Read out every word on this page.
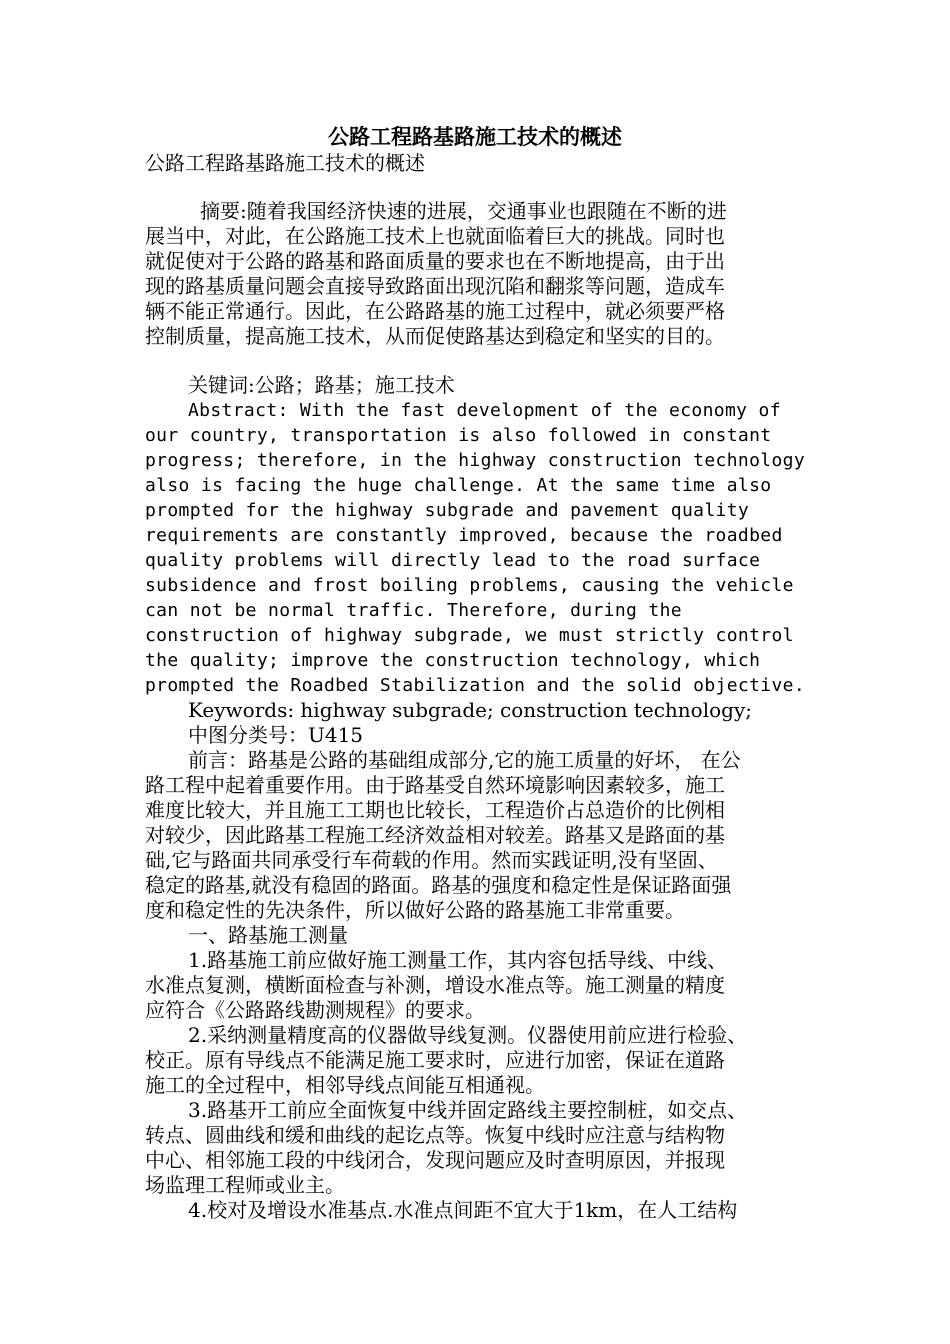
公路工程路基路施工技术的概述
公路工程路基路施工技术的概述
摘要:随着我国经济快速的进展，交通事业也跟随在不断的进
展当中，对此，在公路施工技术上也就面临着巨大的挑战。同时也
就促使对于公路的路基和路面质量的要求也在不断地提高，由于出
现的路基质量问题会直接导致路面出现沉陷和翻浆等问题，造成车
辆不能正常通行。因此，在公路路基的施工过程中，就必须要严格
控制质量，提高施工技术，从而促使路基达到稳定和坚实的目的。
关键词:公路；路基；施工技术
Abstract: With the fast development of the economy of
our country, transportation is also followed in constant
progress; therefore, in the highway construction technology
also is facing the huge challenge. At the same time also
prompted for the highway subgrade and pavement quality
requirements are constantly improved, because the roadbed
quality problems will directly lead to the road surface
subsidence and frost boiling problems, causing the vehicle
can not be normal traffic. Therefore, during the
construction of highway subgrade, we must strictly control
the quality; improve the construction technology, which
prompted the Roadbed Stabilization and the solid objective.
Keywords: highway subgrade; construction technology;
中图分类号：U415
前言：路基是公路的基础组成部分,它的施工质量的好坏， 在公
路工程中起着重要作用。由于路基受自然环境影响因素较多，施工
难度比较大，并且施工工期也比较长，工程造价占总造价的比例相
对较少，因此路基工程施工经济效益相对较差。路基又是路面的基
础,它与路面共同承受行车荷载的作用。然而实践证明,没有坚固、
稳定的路基,就没有稳固的路面。路基的强度和稳定性是保证路面强
度和稳定性的先决条件，所以做好公路的路基施工非常重要。
一、路基施工测量
1.路基施工前应做好施工测量工作，其内容包括导线、中线、
水准点复测，横断面检查与补测，增设水准点等。施工测量的精度
应符合《公路路线勘测规程》的要求。
2.采纳测量精度高的仪器做导线复测。仪器使用前应进行检验、
校正。原有导线点不能满足施工要求时，应进行加密，保证在道路
施工的全过程中，相邻导线点间能互相通视。
3.路基开工前应全面恢复中线并固定路线主要控制桩，如交点、
转点、圆曲线和缓和曲线的起讫点等。恢复中线时应注意与结构物
中心、相邻施工段的中线闭合，发现问题应及时查明原因，并报现
场监理工程师或业主。
4.校对及增设水准基点.水准点间距不宜大于1km，在人工结构
